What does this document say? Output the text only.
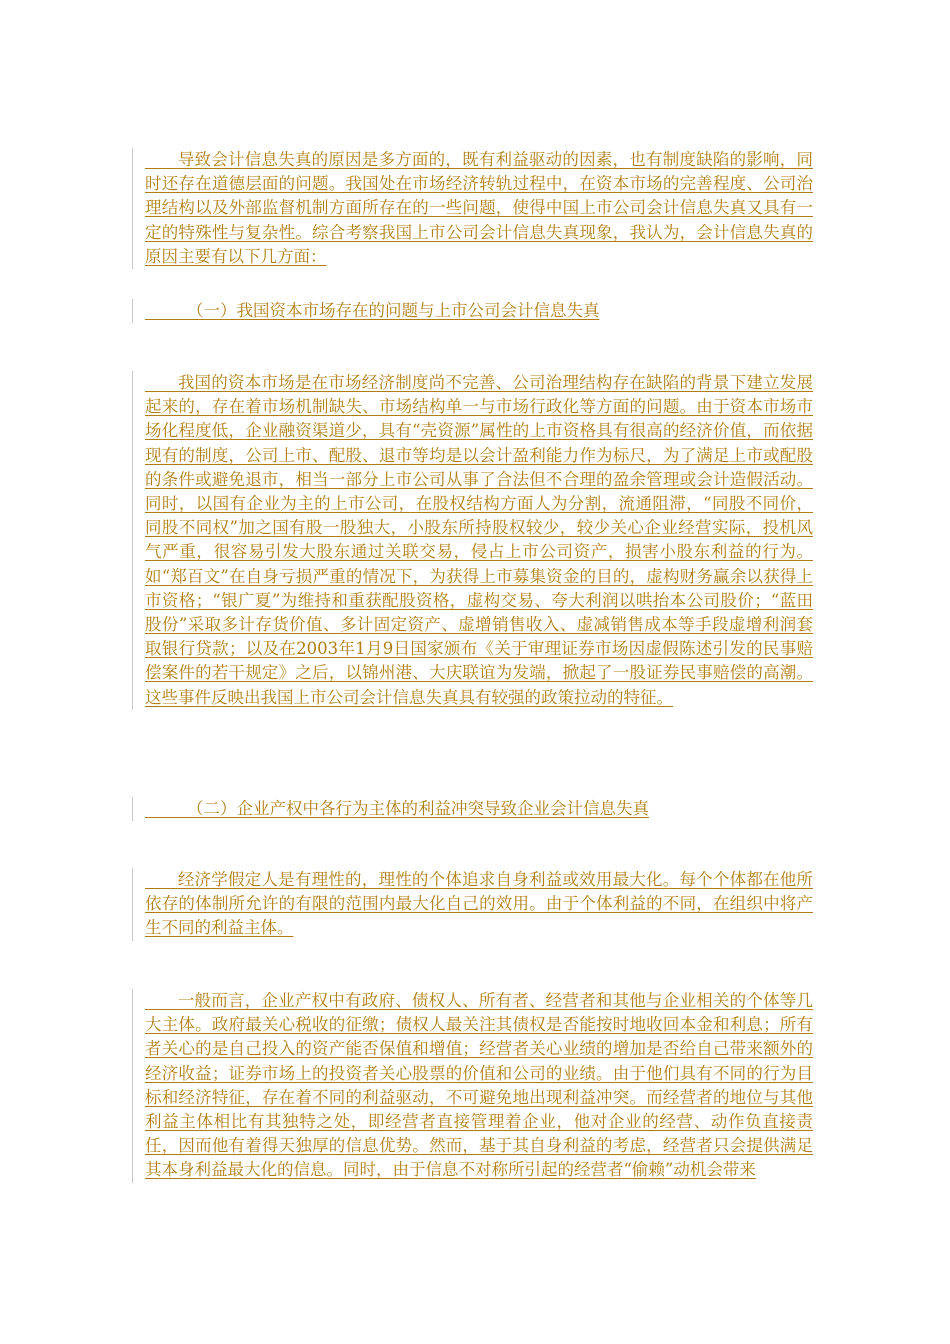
导致会计信息失真的原因是多方面的，既有利益驱动的因素，也有制度缺陷的影响，同时还存在道德层面的问题。我国处在市场经济转轨过程中，在资本市场的完善程度、公司治理结构以及外部监督机制方面所存在的一些问题，使得中国上市公司会计信息失真又具有一定的特殊性与复杂性。综合考察我国上市公司会计信息失真现象，我认为，会计信息失真的原因主要有以下几方面：
（一）我国资本市场存在的问题与上市公司会计信息失真
我国的资本市场是在市场经济制度尚不完善、公司治理结构存在缺陷的背景下建立发展起来的，存在着市场机制缺失、市场结构单一与市场行政化等方面的问题。由于资本市场市场化程度低，企业融资渠道少，具有“壳资源”属性的上市资格具有很高的经济价值，而依据现有的制度，公司上市、配股、退市等均是以会计盈利能力作为标尺，为了满足上市或配股的条件或避免退市，相当一部分上市公司从事了合法但不合理的盈余管理或会计造假活动。同时，以国有企业为主的上市公司，在股权结构方面人为分割，流通阻滞，“同股不同价，同股不同权”加之国有股一股独大，小股东所持股权较少，较少关心企业经营实际，投机风气严重，很容易引发大股东通过关联交易，侵占上市公司资产，损害小股东利益的行为。如“郑百文”在自身亏损严重的情况下，为获得上市募集资金的目的，虚构财务赢余以获得上市资格；“银广夏”为维持和重获配股资格，虚构交易、夸大利润以哄抬本公司股价；“蓝田股份”采取多计存货价值、多计固定资产、虚增销售收入、虚减销售成本等手段虚增利润套取银行贷款；以及在2003年1月9日国家颁布《关于审理证券市场因虚假陈述引发的民事赔偿案件的若干规定》之后，以锦州港、大庆联谊为发端，掀起了一股证券民事赔偿的高潮。这些事件反映出我国上市公司会计信息失真具有较强的政策拉动的特征。
（二）企业产权中各行为主体的利益冲突导致企业会计信息失真
经济学假定人是有理性的，理性的个体追求自身利益或效用最大化。每个个体都在他所依存的体制所允许的有限的范围内最大化自己的效用。由于个体利益的不同，在组织中将产生不同的利益主体。
一般而言，企业产权中有政府、债权人、所有者、经营者和其他与企业相关的个体等几大主体。政府最关心税收的征缴；债权人最关注其债权是否能按时地收回本金和利息；所有者关心的是自己投入的资产能否保值和增值；经营者关心业绩的增加是否给自己带来额外的经济收益；证券市场上的投资者关心股票的价值和公司的业绩。由于他们具有不同的行为目标和经济特征，存在着不同的利益驱动，不可避免地出现利益冲突。而经营者的地位与其他利益主体相比有其独特之处，即经营者直接管理着企业，他对企业的经营、动作负直接责任，因而他有着得天独厚的信息优势。然而，基于其自身利益的考虑，经营者只会提供满足其本身利益最大化的信息。同时，由于信息不对称所引起的经营者“偷赖”动机会带来
